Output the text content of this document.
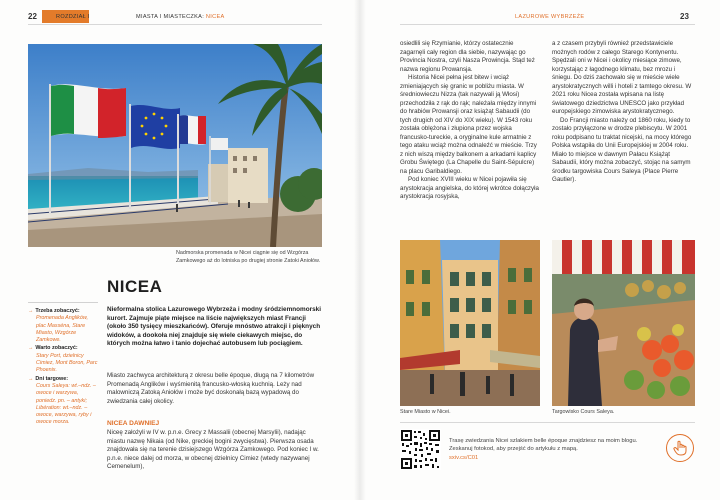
22	ROZDZIAŁ I	MIASTA I MIASTECZKA: NICEA	LAZUROWE WYBRZEŻE	23
Nadmorska promenada w Nicei ciągnie się od Wzgórza Zamkowego aż do lotniska po drugiej stronie Zatoki Aniołów.
NICEA
Nieformalna stolica Lazurowego Wybrzeża i modny śródziemnomorski kurort. Zajmuje piąte miejsce na liście największych miast Francji (około 350 tysięcy mieszkańców). Oferuje mnóstwo atrakcji i pięknych widoków, a dookoła niej znajduje się wiele ciekawych miejsc, do których można łatwo i tanio dojechać autobusem lub pociągiem.
Miasto zachwyca architekturą z okresu belle époque, długą na 7 kilometrów Promenadą Anglików i wyśmienitą francusko-włoską kuchnią. Leży nad malowniczą Zatoką Aniołów i może być doskonałą bazą wypadową do zwiedzania całej okolicy.
NICEA DAWNIEJ
Niceę założyli w IV w. p.n.e. Grecy z Massalii (obecnej Marsylii), nadając miastu nazwę Nikaia (od Nike, greckiej bogini zwycięstwa). Pierwsza osada znajdowała się na terenie dzisiejszego Wzgórza Zamkowego. Pod koniec I w. p.n.e. niece dalej od morza, w obecnej dzielnicy Cimiez (wtedy nazywanej Cemenelum),
→ Trzeba zobaczyć:
Promenada Anglików, plac Masséna, Stare Miasto, Wzgórze Zamkowe.
→ Warto zobaczyć:
Stary Port, dzielnicy Cimiez, Mont Boron, Parc Phoenix.
→ Dni targowe:
Cours Saleya: wt.–ndz. – owoce i warzywa, poniedz. pn. – antyki; Libération: wt.–ndz. – owoce, warzywa, ryby i owoce morza.

osiedlili się Rzymianie, którzy ostatecznie zagarnęli cały region dla siebie, nazywając go Provincia Nostra, czyli Nasza Prowincja. Stąd też nazwa regionu Prowansja.

Historia Nicei pełna jest bitew i wciąż zmieniających się granic w pobliżu miasta. W średniowieczu Nizza (tak nazywali ją Włosi) przechodziła z rąk do rąk; należała między innymi do hrabiów Prowansji oraz książąt Sabaudii (do tych drugich od XIV do XIX wieku). W 1543 roku została oblężona i złupiona przez wojska francusko-tureckie, a oryginalne kule armatnie z tego ataku wciąż można odnaleźć w mieście. Trzy z nich wiszą między balkonem a arkadami kaplicy Grobu Świętego (La Chapelle du Saint-Sépulcre) na placu Garibaldiego.

Pod koniec XVIII wieku w Nicei pojawiła się arystokracja angielska, do której wkrótce dołączyła arystokracja rosyjska,

a z czasem przybyli również przedstawiciele możnych rodów z całego Starego Kontynentu. Spędzali oni w Nicei i okolicy miesiące zimowe, korzystając z łagodnego klimatu, bez mrozu i śniegu. Do dziś zachowało się w mieście wiele arystokratycznych willi i hoteli z tamtego okresu. W 2021 roku Nicea została wpisana na listę światowego dziedzictwa UNESCO jako przykład europejskiego zimowiska arystokratycznego.

Do Francji miasto należy od 1860 roku, kiedy to zostało przyłączone w drodze plebiscytu. W 2001 roku podpisano tu traktat nicejski, na mocy którego Polska wstąpiła do Unii Europejskiej w 2004 roku. Miało to miejsce w dawnym Pałacu Książąt Sabaudii, który można zobaczyć, stojąc na samym środku targowiska Cours Saleya (Place Pierre Gautier).

Stare Miasto w Nicei.	Targowisko Cours Saleya.
Trasę zwiedzania Nicei szlakiem belle époque znajdziesz na moim blogu. Zeskanuj fotokod, aby przejść do artykułu z mapą.
sxiv.cs/C01
